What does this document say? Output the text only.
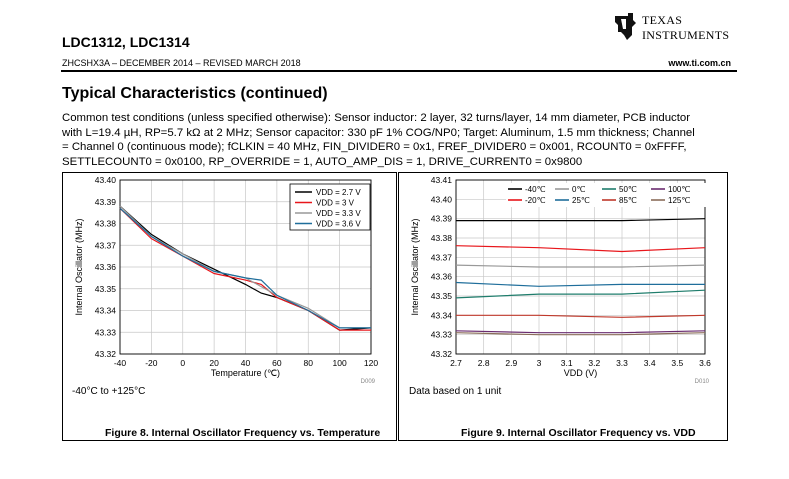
TEXAS
INSTRUMENTS
LDC1312, LDC1314
ZHCSHX3A – DECEMBER 2014 – REVISED MARCH 2018	www.ti.com.cn
Typical Characteristics (continued)
Common test conditions (unless specified otherwise): Sensor inductor: 2 layer, 32 turns/layer, 14 mm diameter, PCB inductor
with L=19.4 µH, RP=5.7 kΩ at 2 MHz; Sensor capacitor: 330 pF 1% COG/NP0; Target: Aluminum, 1.5 mm thickness; Channel
= Channel 0 (continuous mode); fCLKIN = 40 MHz, FIN_DIVIDER0 = 0x1, FREF_DIVIDER0 = 0x001, RCOUNT0 = 0xFFFF,
SETTLECOUNT0 = 0x0100, RP_OVERRIDE = 1, AUTO_AMP_DIS = 1, DRIVE_CURRENT0 = 0x9800
43.32
43.33
43.34
43.35
43.36
43.37
43.38
43.39
43.40
-40 -20	0	20	40	60	80 100 120
Temperature (℃)
Internal Oscillator (MHz)
D009
VDD = 2.7 V
VDD = 3 V
VDD = 3.3 V
VDD = 3.6 V
-40°C to +125°C
Figure 8. Internal Oscillator Frequency vs. Temperature
43.32
43.33
43.34
43.35
43.36
43.37
43.38
43.39
43.40
43.41
2.7 2.8 2.9 3 3.1 3.2 3.3 3.4 3.5 3.6
VDD (V)
Internal Oscillator (MHz)
D010
-40℃	0℃	50℃	100℃
-20℃	25℃	85℃	125℃
Data based on 1 unit
Figure 9. Internal Oscillator Frequency vs. VDD
